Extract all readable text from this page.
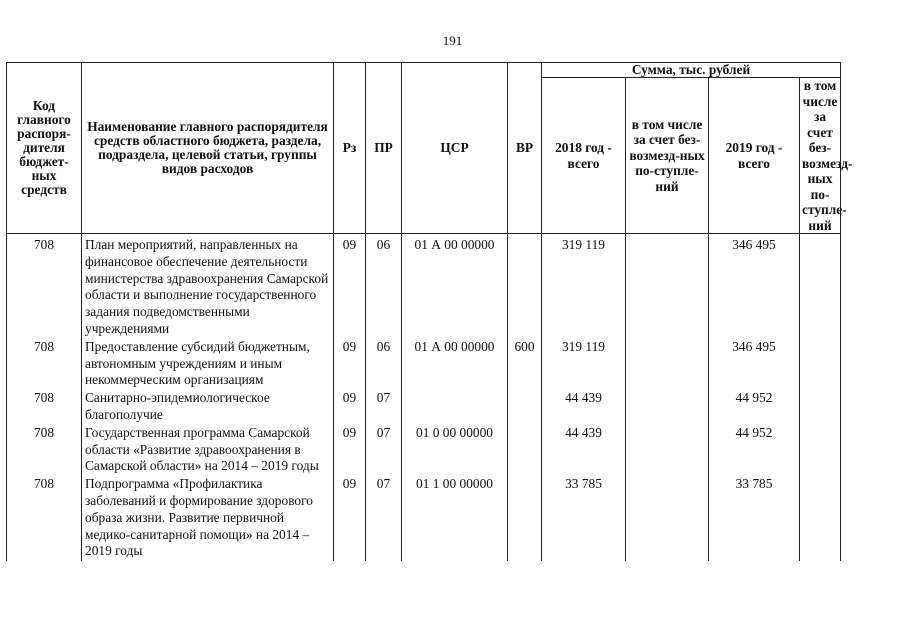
191
Код главного распоря-дителя бюджет-ных средств	Наименование главного распорядителя средств областного бюджета, раздела, подраздела, целевой статьи, группы видов расходов	Рз	ПР	ЦСР	ВР	Сумма, тыс. рублей			
						2018 год - всего	в том числе за счет без-возмезд-ных по-ступле-ний	2019 год - всего	в том числе за счет без-возмезд-ных по-ступле-ний
708	План мероприятий, направленных на финансовое обеспечение деятельности министерства здравоохранения Самарской области и выполнение государственного задания подведомственными учреждениями	09	06	01 А 00 00000		319 119		346 495	
708	Предоставление субсидий бюджетным, автономным учреждениям и иным некоммерческим организациям	09	06	01 А 00 00000	600	319 119		346 495	
708	Санитарно-эпидемиологическое благополучие	09	07			44 439		44 952	
708	Государственная программа Самарской области «Развитие здравоохранения в Самарской области» на 2014 – 2019 годы	09	07	01 0 00 00000		44 439		44 952	
708	Подпрограмма «Профилактика заболеваний и формирование здорового образа жизни. Развитие первичной медико-санитарной помощи» на 2014 – 2019 годы	09	07	01 1 00 00000		33 785		33 785	
